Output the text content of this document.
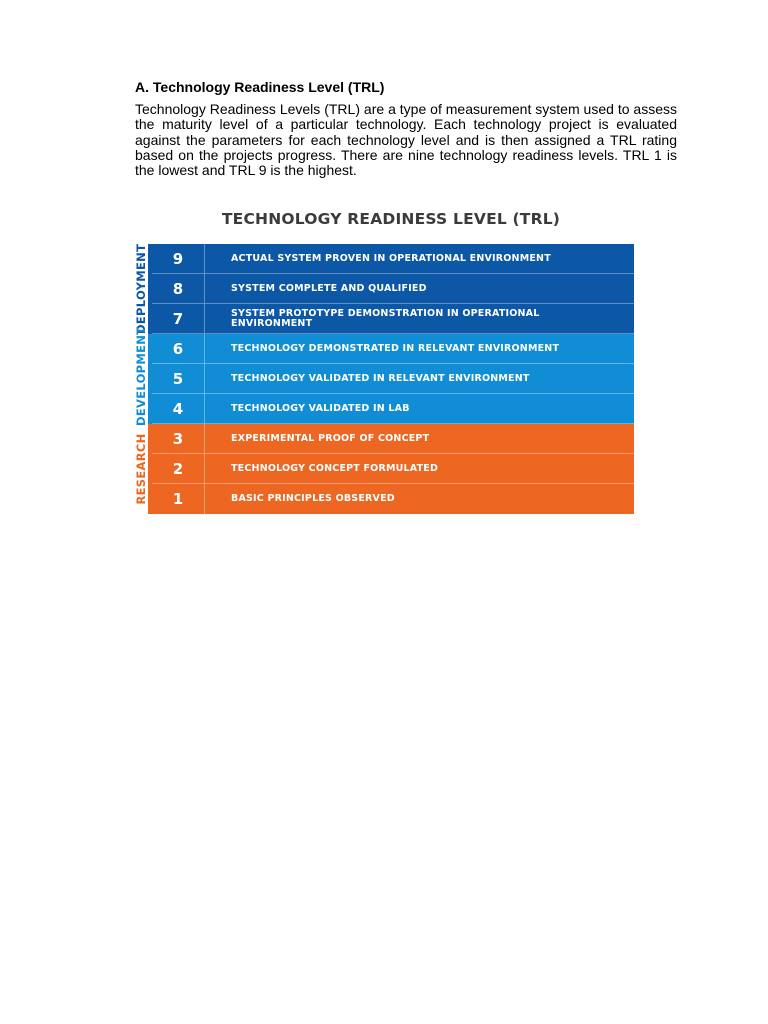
A. Technology Readiness Level (TRL)

Technology Readiness Levels (TRL) are a type of measurement system used to assess the maturity level of a particular technology. Each technology project is evaluated against the parameters for each technology level and is then assigned a TRL rating based on the projects progress. There are nine technology readiness levels. TRL 1 is the lowest and TRL 9 is the highest.

TECHNOLOGY READINESS LEVEL (TRL)
DEPLOYMENT
DEVELOPMENT
RESEARCH
9	ACTUAL SYSTEM PROVEN IN OPERATIONAL ENVIRONMENT
8	SYSTEM COMPLETE AND QUALIFIED
7	SYSTEM PROTOTYPE DEMONSTRATION IN OPERATIONAL ENVIRONMENT
6	TECHNOLOGY DEMONSTRATED IN RELEVANT ENVIRONMENT
5	TECHNOLOGY VALIDATED IN RELEVANT ENVIRONMENT
4	TECHNOLOGY VALIDATED IN LAB
3	EXPERIMENTAL PROOF OF CONCEPT
2	TECHNOLOGY CONCEPT FORMULATED
1	BASIC PRINCIPLES OBSERVED
